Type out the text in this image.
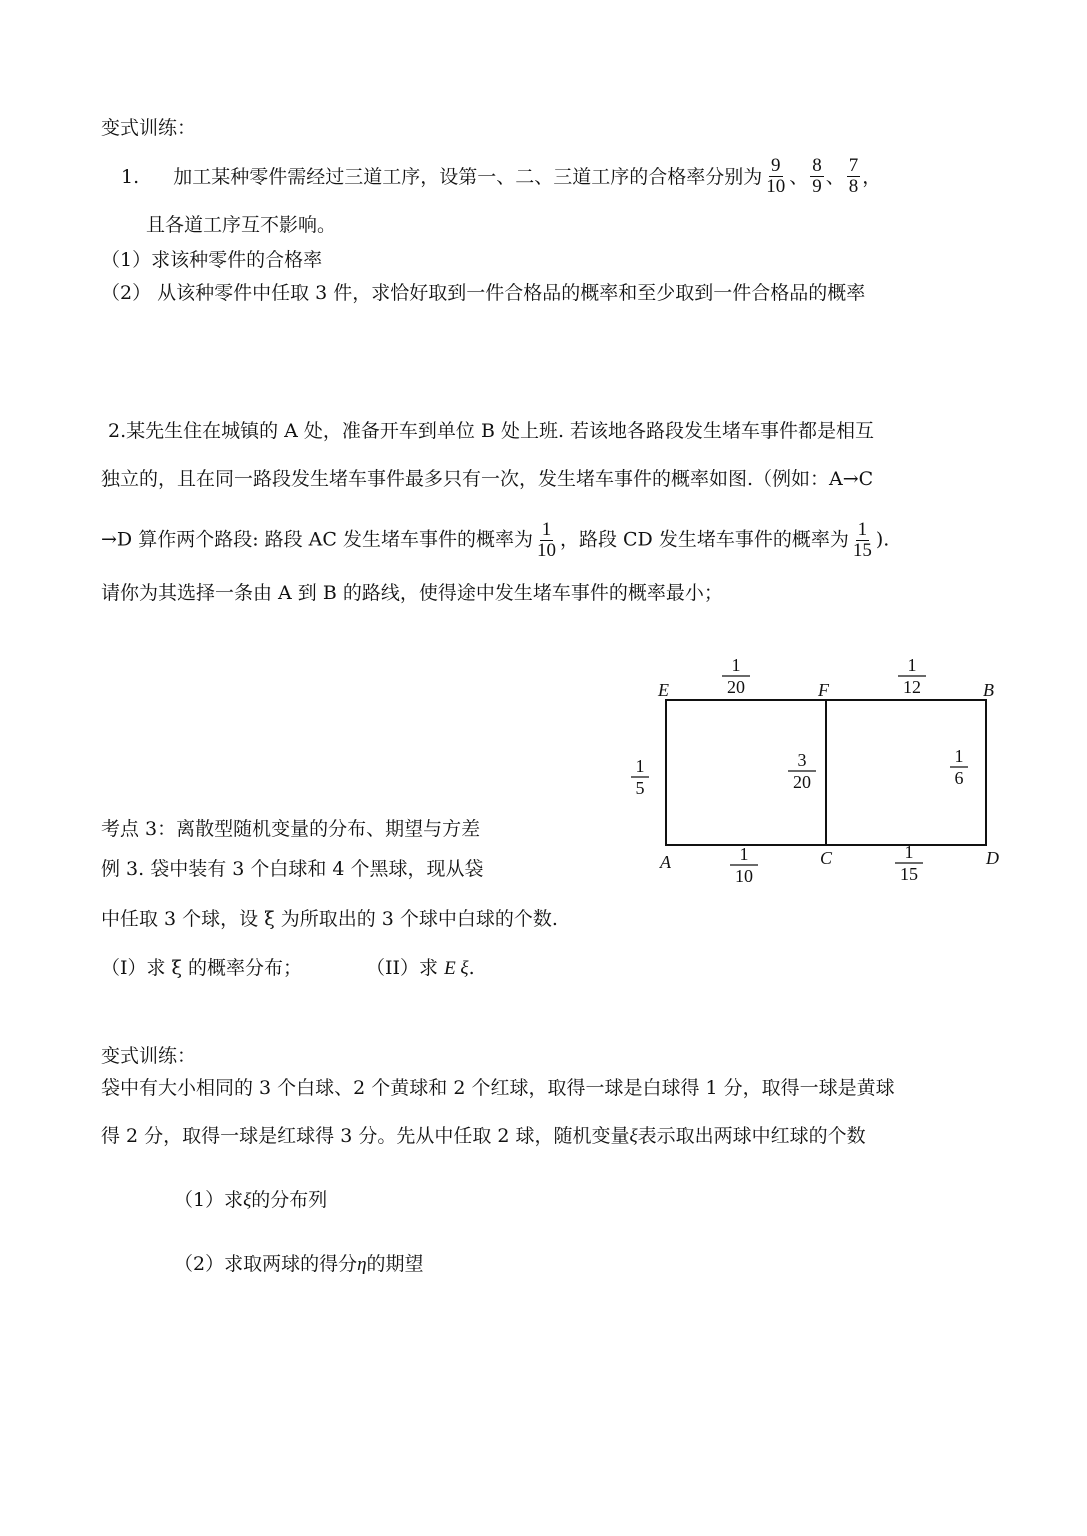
变式训练：
1. 加工某种零件需经过三道工序，设第一、二、三道工序的合格率分别为 $\frac{9}{10}$ 、 $\frac{8}{9}$ 、 $\frac{7}{8}$ ，
且各道工序互不影响。
（1）求该种零件的合格率
（2） 从该种零件中任取 3 件，求恰好取到一件合格品的概率和至少取到一件合格品的概率
2.某先生住在城镇的 A 处，准备开车到单位 B 处上班. 若该地各路段发生堵车事件都是相互
独立的，且在同一路段发生堵车事件最多只有一次，发生堵车事件的概率如图.（例如：A→C
→D 算作两个路段: 路段 AC 发生堵车事件的概率为 $\frac{1}{10}$ ，路段 CD 发生堵车事件的概率为 $\frac{1}{15}$ ).
请你为其选择一条由 A 到 B 的路线，使得途中发生堵车事件的概率最小；
E	F	B
A	C	D
1
20
1
12
1
5
3
20
1
6
1
10
1
15
考点 3：离散型随机变量的分布、期望与方差
例 3. 袋中装有 3 个白球和 4 个黑球，现从袋
中任取 3 个球，设 ξ 为所取出的 3 个球中白球的个数.
（I）求 ξ 的概率分布；	（II）求 E ξ.
变式训练：
袋中有大小相同的 3 个白球、2 个黄球和 2 个红球，取得一球是白球得 1 分，取得一球是黄球
得 2 分，取得一球是红球得 3 分。先从中任取 2 球，随机变量ξ表示取出两球中红球的个数
（1）求ξ的分布列
（2）求取两球的得分η的期望
